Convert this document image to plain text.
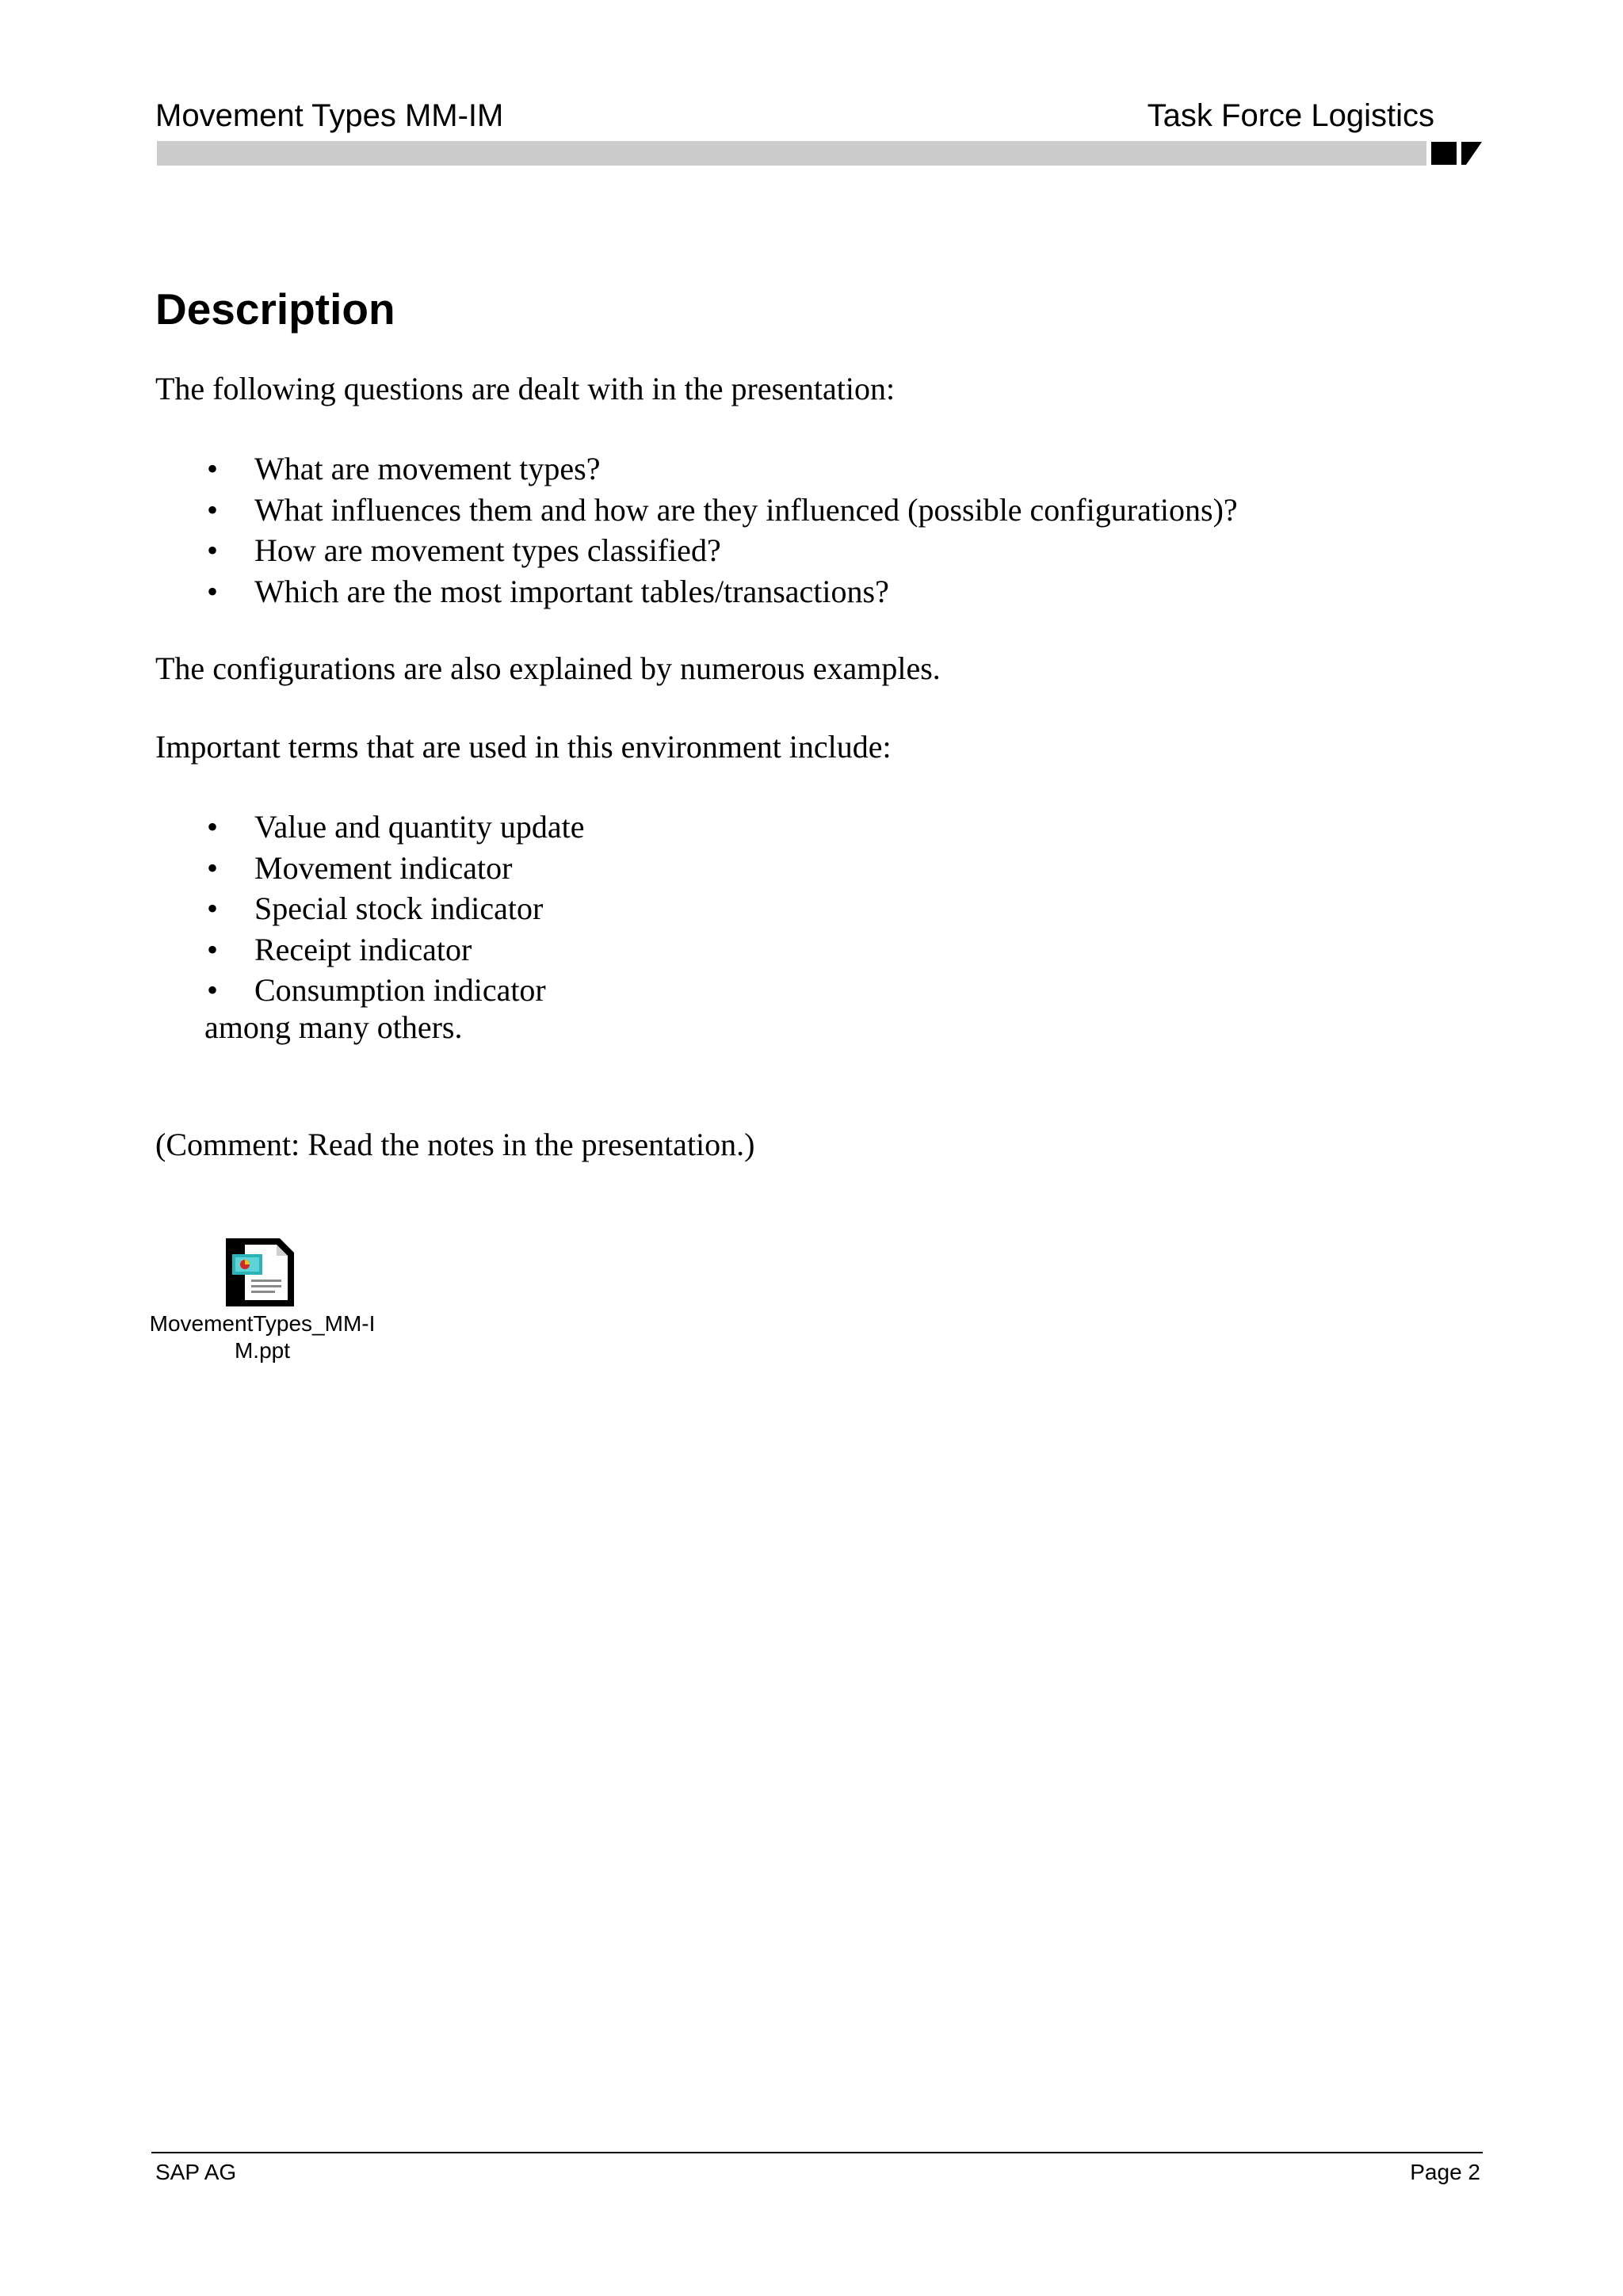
Movement Types MM-IM	Task Force Logistics
Description
The following questions are dealt with in the presentation:
• What are movement types?
• What influences them and how are they influenced (possible configurations)?
• How are movement types classified?
• Which are the most important tables/transactions?
The configurations are also explained by numerous examples.
Important terms that are used in this environment include:
• Value and quantity update
• Movement indicator
• Special stock indicator
• Receipt indicator
• Consumption indicator
among many others.
(Comment: Read the notes in the presentation.)
MovementTypes_MM-IM.ppt
SAP AG	Page 2
